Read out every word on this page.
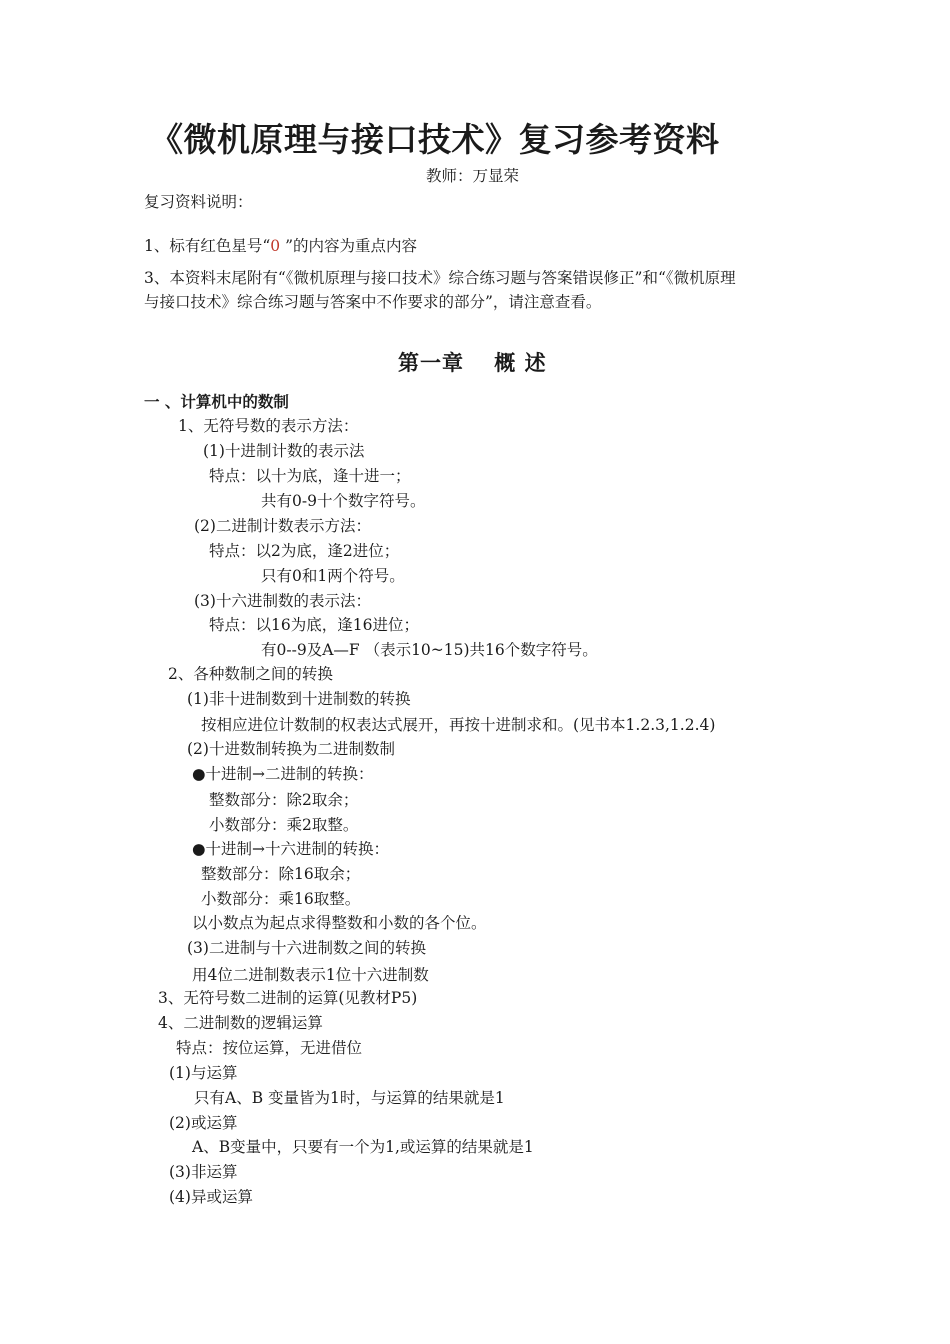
《微机原理与接口技术》复习参考资料
教师：万显荣
复习资料说明：
1、标有红色星号“0 ”的内容为重点内容
3、本资料末尾附有“《微机原理与接口技术》综合练习题与答案错误修正”和“《微机原理
与接口技术》综合练习题与答案中不作要求的部分”，请注意查看。
第一章　 概 述
一 、计算机中的数制
1、无符号数的表示方法：
(1)十进制计数的表示法
特点：以十为底，逢十进一；
共有0-9十个数字符号。
(2)二进制计数表示方法：
特点：以2为底，逢2进位；
只有0和1两个符号。
(3)十六进制数的表示法：
特点：以16为底，逢16进位；
有0--9及A—F （表示10~15)共16个数字符号。
2、各种数制之间的转换
(1)非十进制数到十进制数的转换
按相应进位计数制的权表达式展开，再按十进制求和。(见书本1.2.3,1.2.4)
(2)十进数制转换为二进制数制
●十进制→二进制的转换：
整数部分：除2取余；
小数部分：乘2取整。
●十进制→十六进制的转换：
整数部分：除16取余；
小数部分：乘16取整。
以小数点为起点求得整数和小数的各个位。
(3)二进制与十六进制数之间的转换
用4位二进制数表示1位十六进制数
3、无符号数二进制的运算(见教材P5)
4、二进制数的逻辑运算
特点：按位运算，无进借位
(1)与运算
只有A、B 变量皆为1时，与运算的结果就是1
(2)或运算
A、B变量中，只要有一个为1,或运算的结果就是1
(3)非运算
(4)异或运算
